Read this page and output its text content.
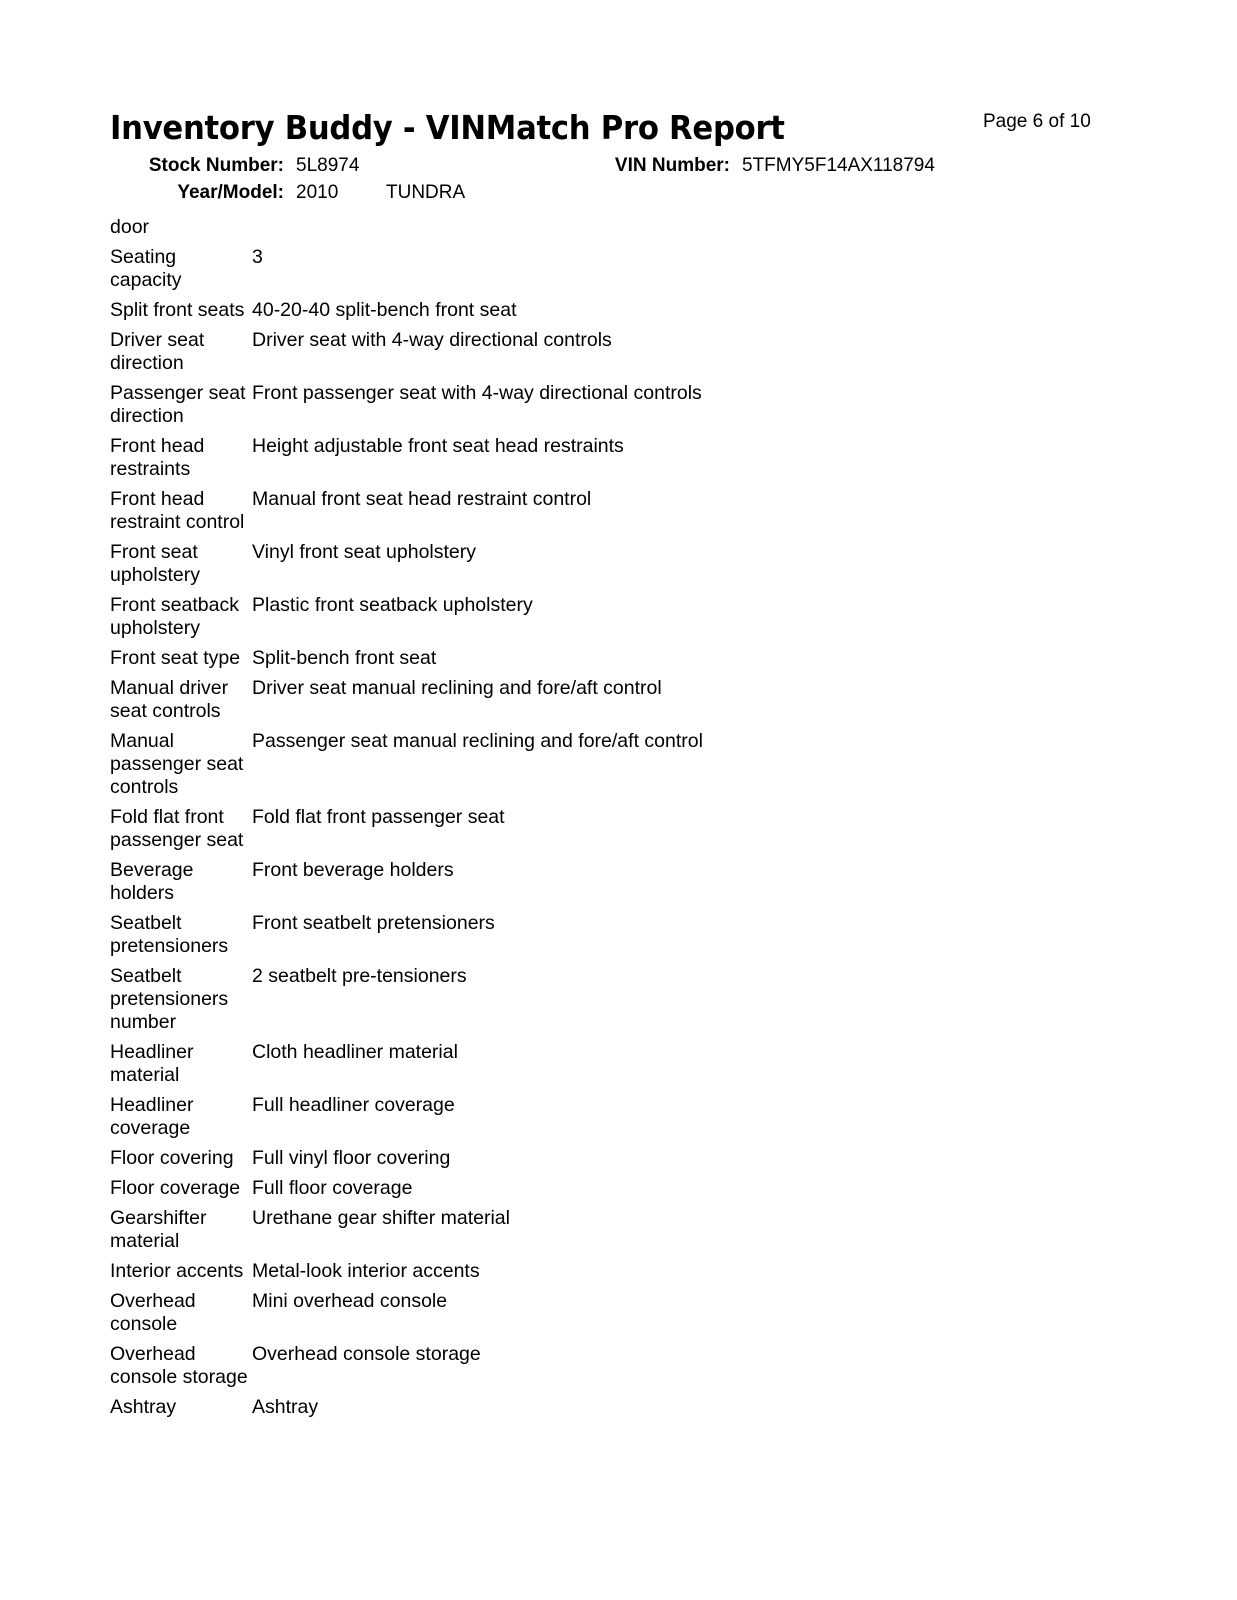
Inventory Buddy - VINMatch Pro Report	Page 6 of 10
Stock Number: 5L8974	VIN Number: 5TFMY5F14AX118794
Year/Model: 2010	TUNDRA
door
Seating capacity	3
Split front seats	40-20-40 split-bench front seat
Driver seat direction	Driver seat with 4-way directional controls
Passenger seat direction	Front passenger seat with 4-way directional controls
Front head restraints	Height adjustable front seat head restraints
Front head restraint control	Manual front seat head restraint control
Front seat upholstery	Vinyl front seat upholstery
Front seatback upholstery	Plastic front seatback upholstery
Front seat type	Split-bench front seat
Manual driver seat controls	Driver seat manual reclining and fore/aft control
Manual passenger seat controls	Passenger seat manual reclining and fore/aft control
Fold flat front passenger seat	Fold flat front passenger seat
Beverage holders	Front beverage holders
Seatbelt pretensioners	Front seatbelt pretensioners
Seatbelt pretensioners number	2 seatbelt pre-tensioners
Headliner material	Cloth headliner material
Headliner coverage	Full headliner coverage
Floor covering	Full vinyl floor covering
Floor coverage	Full floor coverage
Gearshifter material	Urethane gear shifter material
Interior accents	Metal-look interior accents
Overhead console	Mini overhead console
Overhead console storage	Overhead console storage
Ashtray	Ashtray
